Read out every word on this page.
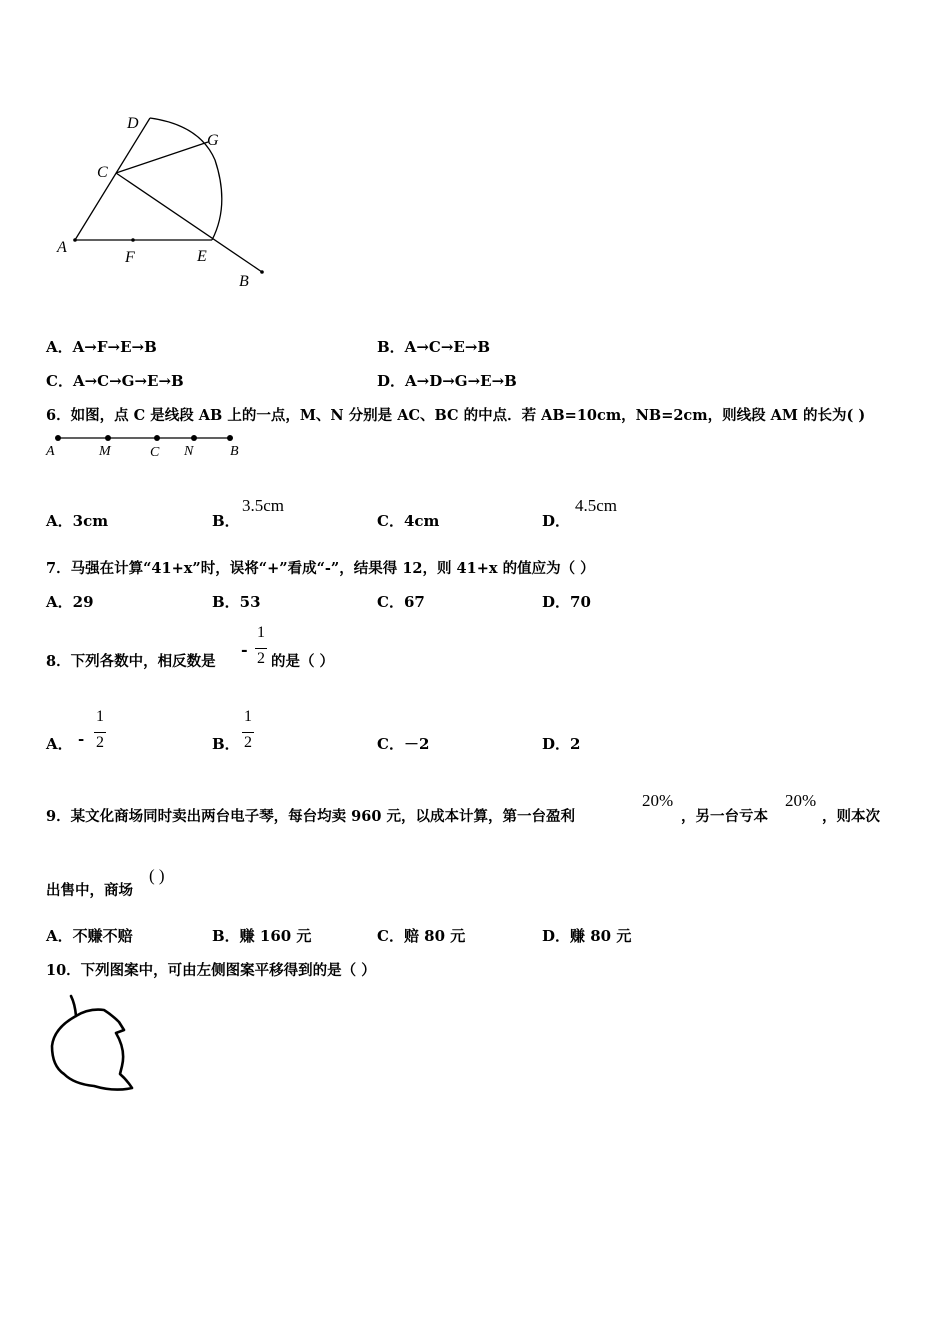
D
G
C
A
F	E
B
A．A→F→E→B	B．A→C→E→B
C．A→C→G→E→B	D．A→D→G→E→B
6．如图，点 C 是线段 AB 上的一点，M、N 分别是 AC、BC 的中点．若 AB=10cm，NB=2cm，则线段 AM 的长为( )
A	M	C N	B
A．3cm	B．
3.5cm
C．4cm	D．
4.5cm
7．马强在计算“41+x”时，误将“+”看成“-”，结果得 12，则 41+x 的值应为（ ）
A．29	B．53	C．67	D．70
8．下列各数中，相反数是
-
1
2 的是（ ）
A． -
1
2	B．
1
2	C．－2	D．2
9．某文化商场同时卖出两台电子琴，每台均卖 960 元，以成本计算，第一台盈利
20%
，另一台亏本
20%
，则本次
出售中，商场
( )
A．不赚不赔	B．赚 160 元	C．赔 80 元	D．赚 80 元
10．下列图案中，可由左侧图案平移得到的是（ ）
